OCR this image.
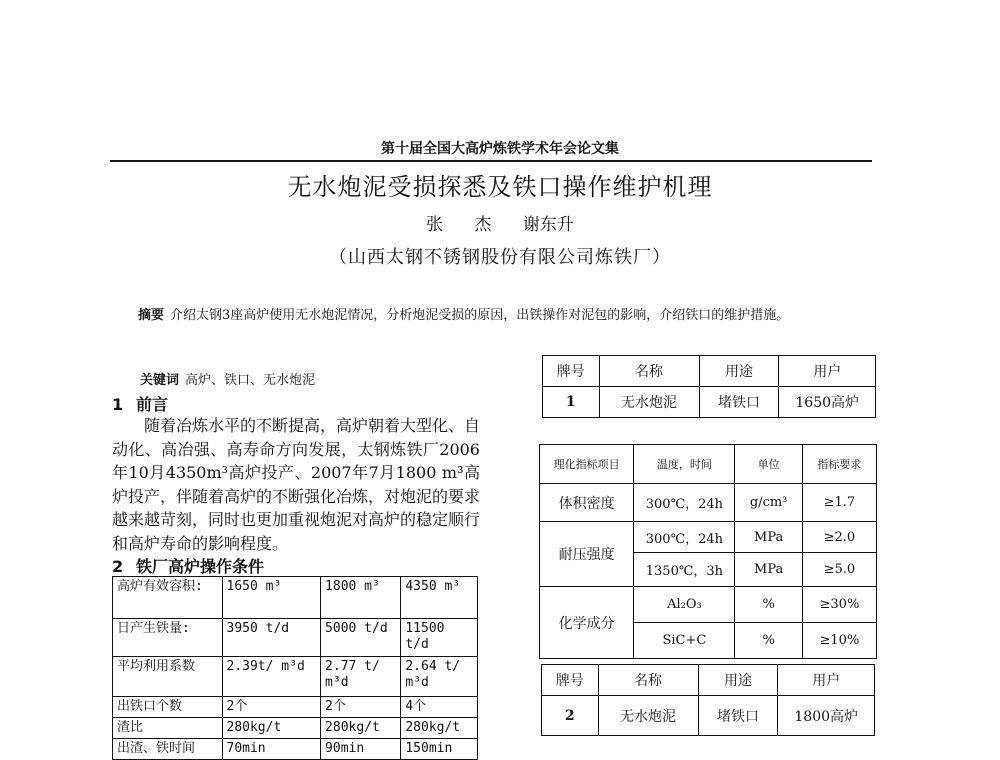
第十届全国大高炉炼铁学术年会论文集
无水炮泥受损探悉及铁口操作维护机理
张 杰 谢东升
（山西太钢不锈钢股份有限公司炼铁厂）
摘要 介绍太钢3座高炉使用无水炮泥情况，分析炮泥受损的原因，出铁操作对泥包的影响，介绍铁口的维护措施。
关键词 高炉、铁口、无水炮泥
1 前言
随着冶炼水平的不断提高，高炉朝着大型化、自动化、高冶强、高寿命方向发展，太钢炼铁厂2006年10月4350m³高炉投产、2007年7月1800 m³高炉投产，伴随着高炉的不断强化冶炼，对炮泥的要求越来越苛刻，同时也更加重视炮泥对高炉的稳定顺行和高炉寿命的影响程度。
2 铁厂高炉操作条件
高炉有效容积:	1650 m³	1800 m³	4350 m³
日产生铁量:	3950 t/d	5000 t/d	11500 t/d
平均利用系数	2.39t/ m³d	2.77 t/ m³d	2.64 t/ m³d
出铁口个数	2个	2个	4个
渣比	280kg/t	280kg/t	280kg/t
出渣、铁时间	70min	90min	150min
牌号	名称	用途	用户
1	无水炮泥	堵铁口	1650高炉
理化指标项目	温度，时间	单位	指标要求
体积密度	300℃，24h	g/cm³	≥1.7
耐压强度	300℃，24h	MPa	≥2.0
	1350℃，3h	MPa	≥5.0
化学成分	Al₂O₃	%	≥30%
	SiC+C	%	≥10%
牌号	名称	用途	用户
2	无水炮泥	堵铁口	1800高炉
